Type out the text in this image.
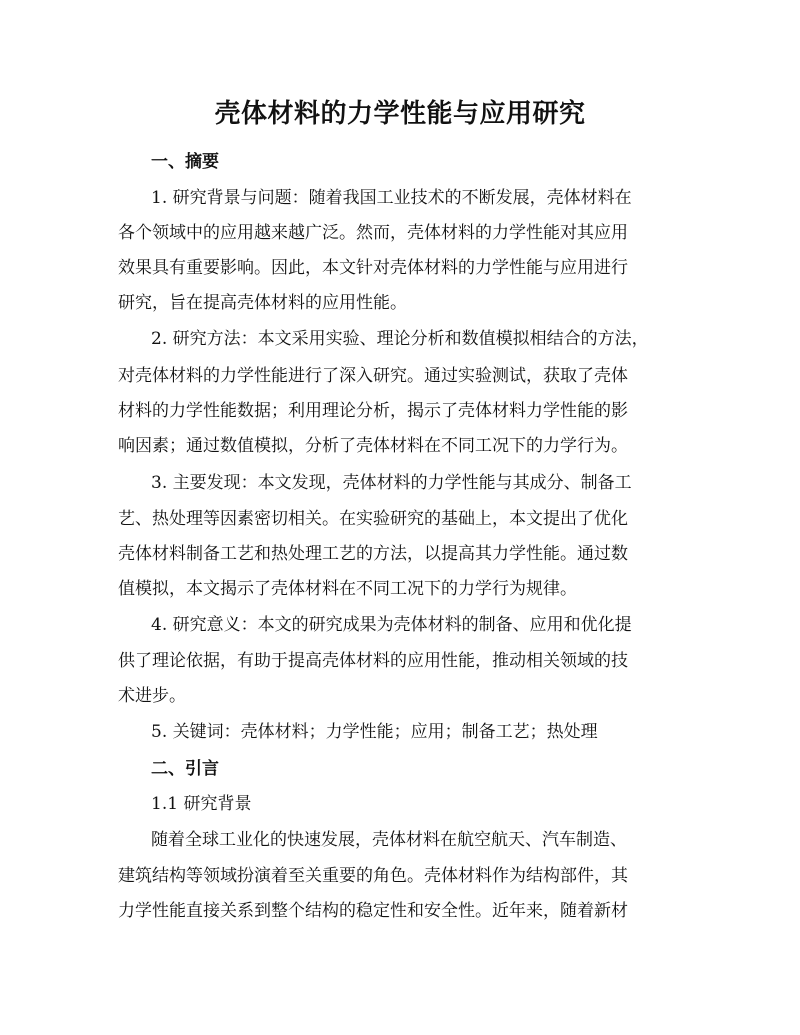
壳体材料的力学性能与应用研究
一、摘要
1. 研究背景与问题：随着我国工业技术的不断发展，壳体材料在
各个领域中的应用越来越广泛。然而，壳体材料的力学性能对其应用
效果具有重要影响。因此，本文针对壳体材料的力学性能与应用进行
研究，旨在提高壳体材料的应用性能。
2. 研究方法：本文采用实验、理论分析和数值模拟相结合的方法，
对壳体材料的力学性能进行了深入研究。通过实验测试，获取了壳体
材料的力学性能数据；利用理论分析，揭示了壳体材料力学性能的影
响因素；通过数值模拟，分析了壳体材料在不同工况下的力学行为。
3. 主要发现：本文发现，壳体材料的力学性能与其成分、制备工
艺、热处理等因素密切相关。在实验研究的基础上，本文提出了优化
壳体材料制备工艺和热处理工艺的方法，以提高其力学性能。通过数
值模拟，本文揭示了壳体材料在不同工况下的力学行为规律。
4. 研究意义：本文的研究成果为壳体材料的制备、应用和优化提
供了理论依据，有助于提高壳体材料的应用性能，推动相关领域的技
术进步。
5. 关键词：壳体材料；力学性能；应用；制备工艺；热处理
二、引言
1.1 研究背景
随着全球工业化的快速发展，壳体材料在航空航天、汽车制造、
建筑结构等领域扮演着至关重要的角色。壳体材料作为结构部件，其
力学性能直接关系到整个结构的稳定性和安全性。近年来，随着新材
